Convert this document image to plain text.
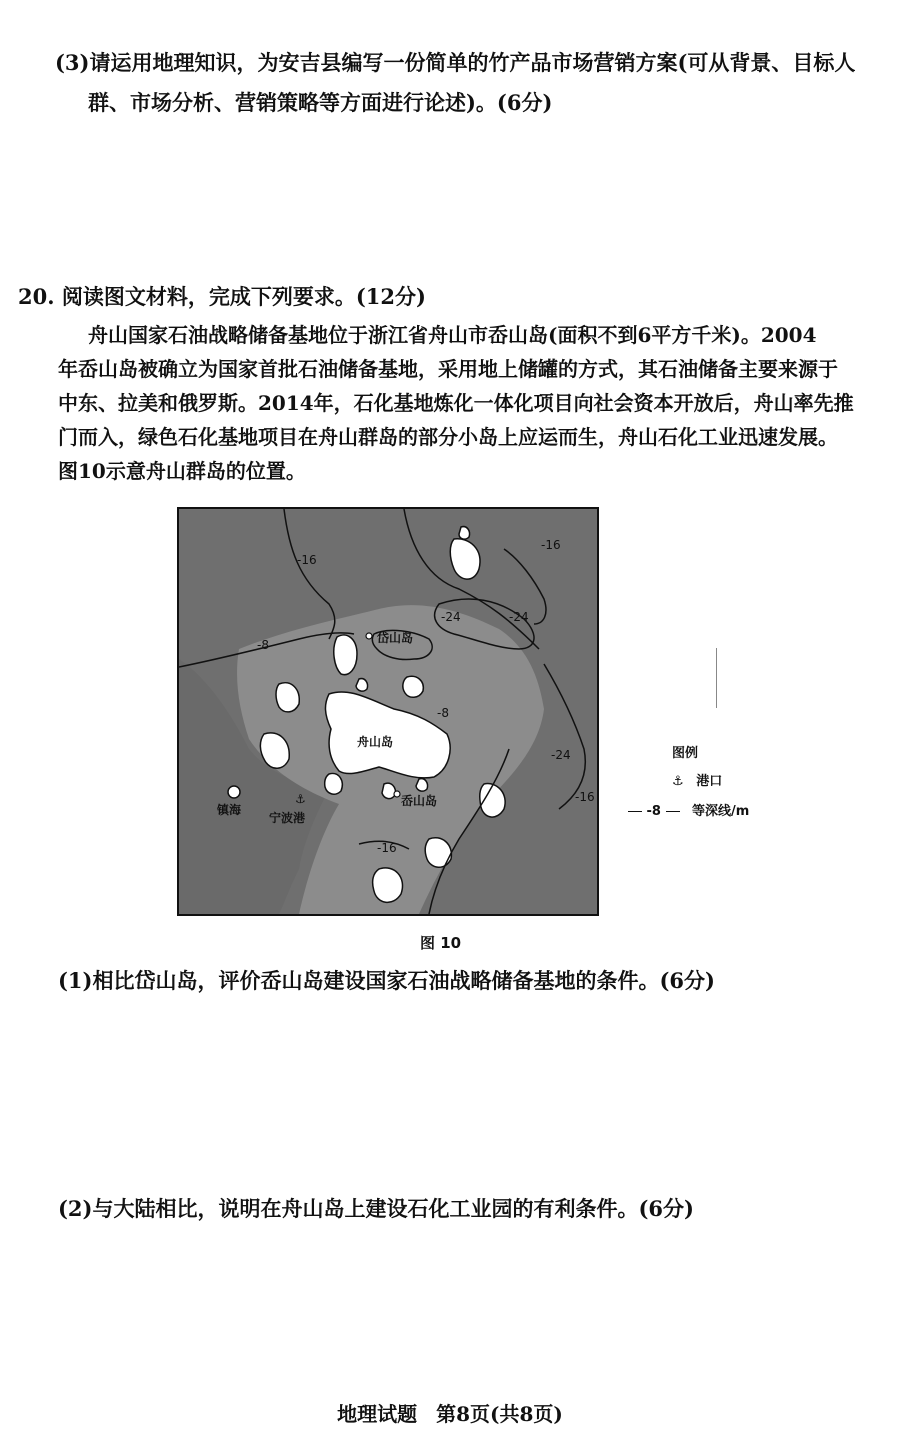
(3)请运用地理知识，为安吉县编写一份简单的竹产品市场营销方案(可从背景、目标人
群、市场分析、营销策略等方面进行论述)。(6分)
20. 阅读图文材料，完成下列要求。(12分)
舟山国家石油战略储备基地位于浙江省舟山市岙山岛(面积不到6平方千米)。2004
年岙山岛被确立为国家首批石油储备基地，采用地上储罐的方式，其石油储备主要来源于
中东、拉美和俄罗斯。2014年，石化基地炼化一体化项目向社会资本开放后，舟山率先推
门而入，绿色石化基地项目在舟山群岛的部分小岛上应运而生，舟山石化工业迅速发展。
图10示意舟山群岛的位置。
-16
-16
-24	-24
-8
-8
-24
-16
-16
岱山岛
舟山岛
岙山岛
镇海
⚓
宁波港
图例
⚓ 港口
-8 等深线/m
图 10
(1)相比岱山岛，评价岙山岛建设国家石油战略储备基地的条件。(6分)
(2)与大陆相比，说明在舟山岛上建设石化工业园的有利条件。(6分)
地理试题 第8页(共8页)
